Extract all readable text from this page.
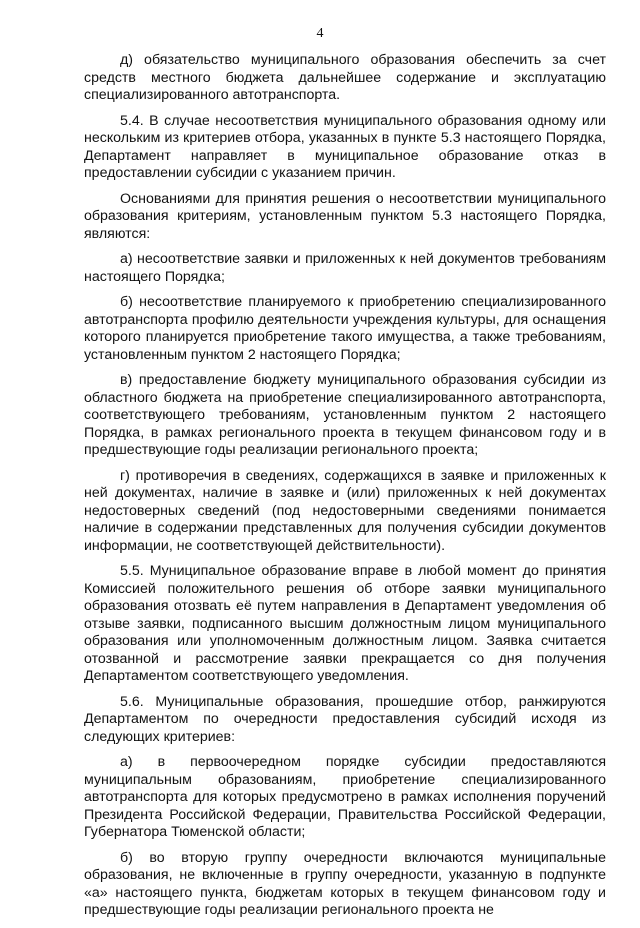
4

д) обязательство муниципального образования обеспечить за счет средств местного бюджета дальнейшее содержание и эксплуатацию специализированного автотранспорта.

5.4. В случае несоответствия муниципального образования одному или нескольким из критериев отбора, указанных в пункте 5.3 настоящего Порядка, Департамент направляет в муниципальное образование отказ в предоставлении субсидии с указанием причин.

Основаниями для принятия решения о несоответствии муниципального образования критериям, установленным пунктом 5.3 настоящего Порядка, являются:

а) несоответствие заявки и приложенных к ней документов требованиям настоящего Порядка;

б) несоответствие планируемого к приобретению специализированного автотранспорта профилю деятельности учреждения культуры, для оснащения которого планируется приобретение такого имущества, а также требованиям, установленным пунктом 2 настоящего Порядка;

в) предоставление бюджету муниципального образования субсидии из областного бюджета на приобретение специализированного автотранспорта, соответствующего требованиям, установленным пунктом 2 настоящего Порядка, в рамках регионального проекта в текущем финансовом году и в предшествующие годы реализации регионального проекта;

г) противоречия в сведениях, содержащихся в заявке и приложенных к ней документах, наличие в заявке и (или) приложенных к ней документах недостоверных сведений (под недостоверными сведениями понимается наличие в содержании представленных для получения субсидии документов информации, не соответствующей действительности).

5.5. Муниципальное образование вправе в любой момент до принятия Комиссией положительного решения об отборе заявки муниципального образования отозвать её путем направления в Департамент уведомления об отзыве заявки, подписанного высшим должностным лицом муниципального образования или уполномоченным должностным лицом. Заявка считается отозванной и рассмотрение заявки прекращается со дня получения Департаментом соответствующего уведомления.

5.6. Муниципальные образования, прошедшие отбор, ранжируются Департаментом по очередности предоставления субсидий исходя из следующих критериев:

а) в первоочередном порядке субсидии предоставляются муниципальным образованиям, приобретение специализированного автотранспорта для которых предусмотрено в рамках исполнения поручений Президента Российской Федерации, Правительства Российской Федерации, Губернатора Тюменской области;

б) во вторую группу очередности включаются муниципальные образования, не включенные в группу очередности, указанную в подпункте «а» настоящего пункта, бюджетам которых в текущем финансовом году и предшествующие годы реализации регионального проекта не
